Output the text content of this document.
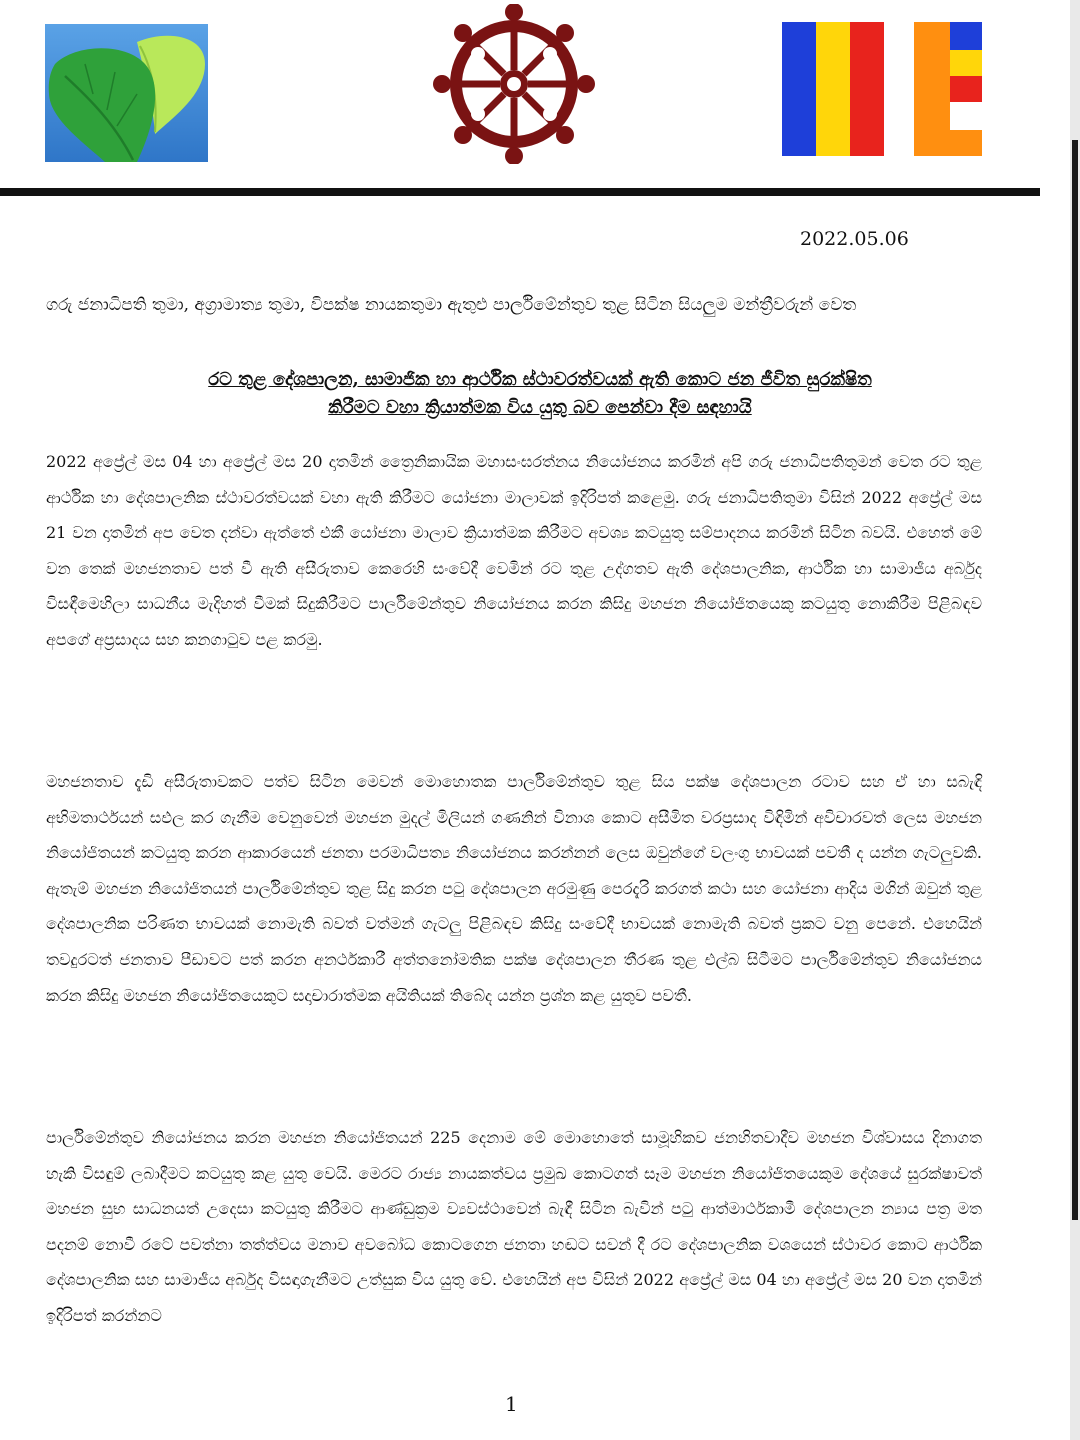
2022.05.06
ගරු ජනාධිපති තුමා, අග්‍රාමාත්‍ය තුමා, විපක්ෂ නායකතුමා ඇතුළු පාර්ලිමේන්තුව තුළ සිටින සියලුම මන්ත්‍රීවරුන් වෙත
රට තුළ දේශපාලන, සාමාජික හා ආර්ථික ස්ථාවරත්වයක් ඇති කොට ජන ජීවිත සුරක්ෂිත
කිරීමට වහා ක්‍රියාත්මක විය යුතු බව පෙන්වා දීම සඳහායි
2022 අප්‍රේල් මස 04 හා අප්‍රේල් මස 20 දාතමින් ත්‍රෛනිකායික මහාසංඝරත්නය නියෝජනය කරමින් අපි ගරු ජනාධිපතිතුමන් වෙත රට තුළ ආර්ථික හා දේශපාලනික ස්ථාවරත්වයක් වහා ඇති කිරීමට යෝජනා මාලාවක් ඉදිරිපත් කළෙමු. ගරු ජනාධිපතිතුමා විසින් 2022 අප්‍රේල් මස 21 වන දාතමින් අප වෙත දන්වා ඇත්තේ එකී යෝජනා මාලාව ක්‍රියාත්මක කිරීමට අවශ්‍ය කටයුතු සම්පාදනය කරමින් සිටින බවයි. එහෙත් මේ වන තෙක් මහජනතාව පත් වී ඇති අසීරුතාව කෙරෙහි සංවේදී වෙමින් රට තුළ උද්ගතව ඇති දේශපාලනික, ආර්ථික හා සාමාජීය අර්බුද විසඳීමෙහිලා සාධනීය මැදිහත් වීමක් සිදුකිරීමට පාර්ලිමේන්තුව නියෝජනය කරන කිසිදු මහජන නියෝජිතයෙකු කටයුතු නොකිරීම පිළිබඳව අපගේ අප්‍රසාදය සහ කනගාටුව පළ කරමු.
මහජනතාව දැඩි අසීරුතාවකට පත්ව සිටින මෙවන් මොහොතක පාර්ලිමේන්තුව තුළ සිය පක්ෂ දේශපාලන රටාව සහ ඒ හා සබැඳි අභිමතාර්ථයන් සඵල කර ගැනීම වෙනුවෙන් මහජන මුදල් මිලියන් ගණනින් විනාශ කොට අසීමිත වරප්‍රසාද විඳිමින් අවිචාරවත් ලෙස මහජන නියෝජිතයන් කටයුතු කරන ආකාරයෙන් ජනතා පරමාධිපත්‍ය නියෝජනය කරන්නන් ලෙස ඔවුන්ගේ වලංගු භාවයක් පවතී ද යන්න ගැටලුවකි. ඇතැම් මහජන නියෝජිතයන් පාර්ලිමේන්තුව තුළ සිදු කරන පටු දේශපාලන අරමුණු පෙරදැරි කරගත් කථා සහ යෝජනා ආදිය මගින් ඔවුන් තුළ දේශපාලනික පරිණත භාවයක් නොමැති බවත් වත්මන් ගැටලු පිළිබඳව කිසිදු සංවේදී භාවයක් නොමැති බවත් ප්‍රකට වනු පෙනේ. එහෙයින් තවදුරටත් ජනතාව පීඩාවට පත් කරන අනර්ථකාරී අත්තනෝමතික පක්ෂ දේශපාලන තීරණ තුළ එල්බ සිටීමට පාර්ලිමේන්තුව නියෝජනය කරන කිසිදු මහජන නියෝජිතයෙකුට සදාචාරාත්මක අයිතියක් තිබේද යන්න ප්‍රශ්න කළ යුතුව පවතී.
පාර්ලිමේන්තුව නියෝජනය කරන මහජන නියෝජිතයන් 225 දෙනාම මේ මොහොතේ සාමූහිකව ජනහිතවාදීව මහජන විශ්වාසය දිනාගත හැකි විසඳුම් ලබාදීමට කටයුතු කළ යුතු වෙයි. මෙරට රාජ්‍ය නායකත්වය ප්‍රමුඛ කොටගත් සෑම මහජන නියෝජිතයෙකුම දේශයේ සුරක්ෂාවත් මහජන සුභ සාධනයත් උදෙසා කටයුතු කිරීමට ආණ්ඩුක්‍රම ව්‍යවස්ථාවෙන් බැඳී සිටින බැවින් පටු ආත්මාර්ථකාමී දේශපාලන න්‍යාය පත්‍ර මත පදනම් නොවී රටේ පවත්නා තත්ත්වය මනාව අවබෝධ කොටගෙන ජනතා හඬට සවන් දී රට දේශපාලනික වශයෙන් ස්ථාවර කොට ආර්ථික දේශපාලනික සහ සාමාජීය අර්බුද විසඳාගැනීමට උත්සුක විය යුතු වේ. එහෙයින් අප විසින් 2022 අප්‍රේල් මස 04 හා අප්‍රේල් මස 20 වන දාතමින් ඉදිරිපත් කරන්නට
1
